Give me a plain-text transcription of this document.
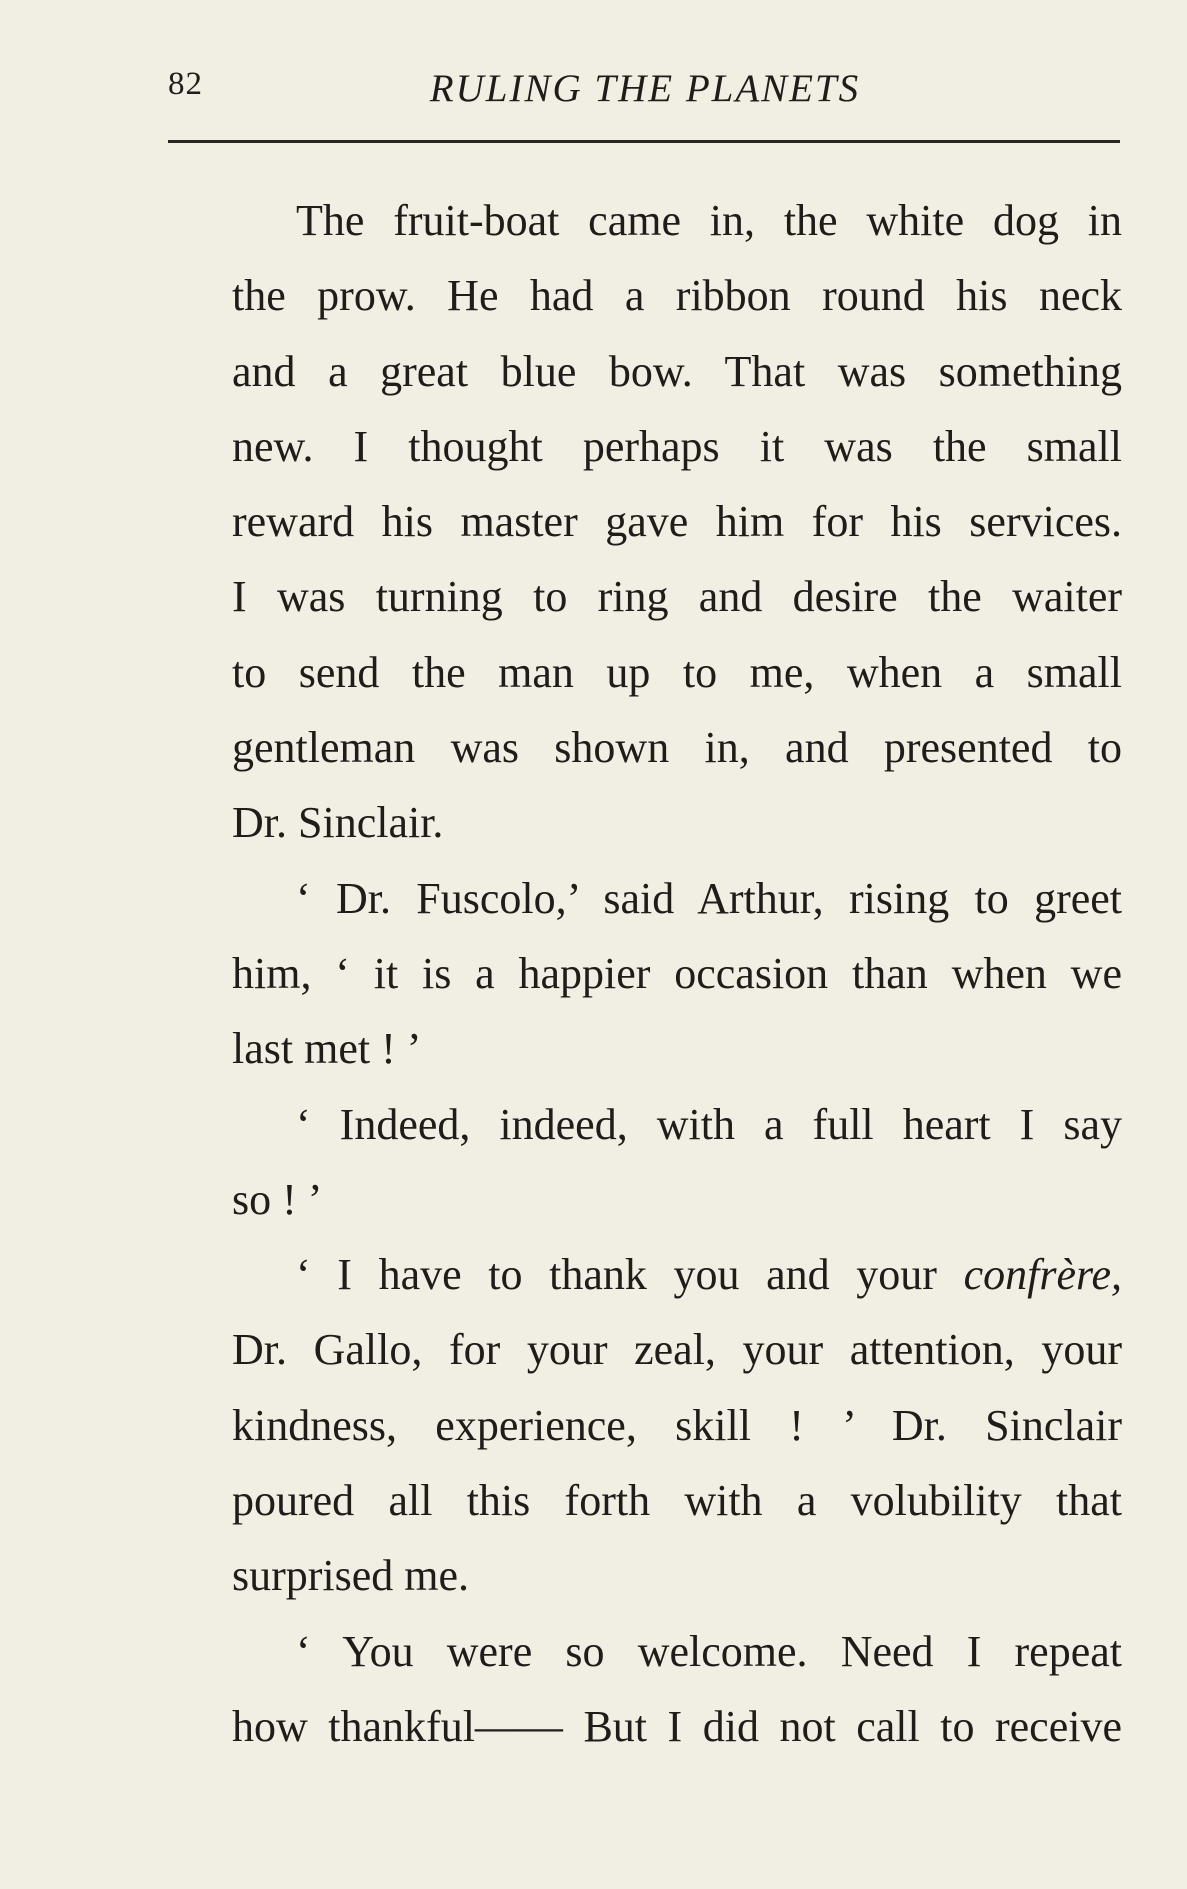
82	RULING THE PLANETS
The fruit-boat came in, the white dog in
the prow. He had a ribbon round his neck
and a great blue bow. That was something
new. I thought perhaps it was the small
reward his master gave him for his services.
I was turning to ring and desire the waiter
to send the man up to me, when a small
gentleman was shown in, and presented to
Dr. Sinclair.
‘ Dr. Fuscolo,’ said Arthur, rising to greet
him, ‘ it is a happier occasion than when we
last met ! ’
‘ Indeed, indeed, with a full heart I say
so ! ’
‘ I have to thank you and your confrère,
Dr. Gallo, for your zeal, your attention, your
kindness, experience, skill ! ’ Dr. Sinclair
poured all this forth with a volubility that
surprised me.
‘ You were so welcome. Need I repeat
how thankful—— But I did not call to receive
